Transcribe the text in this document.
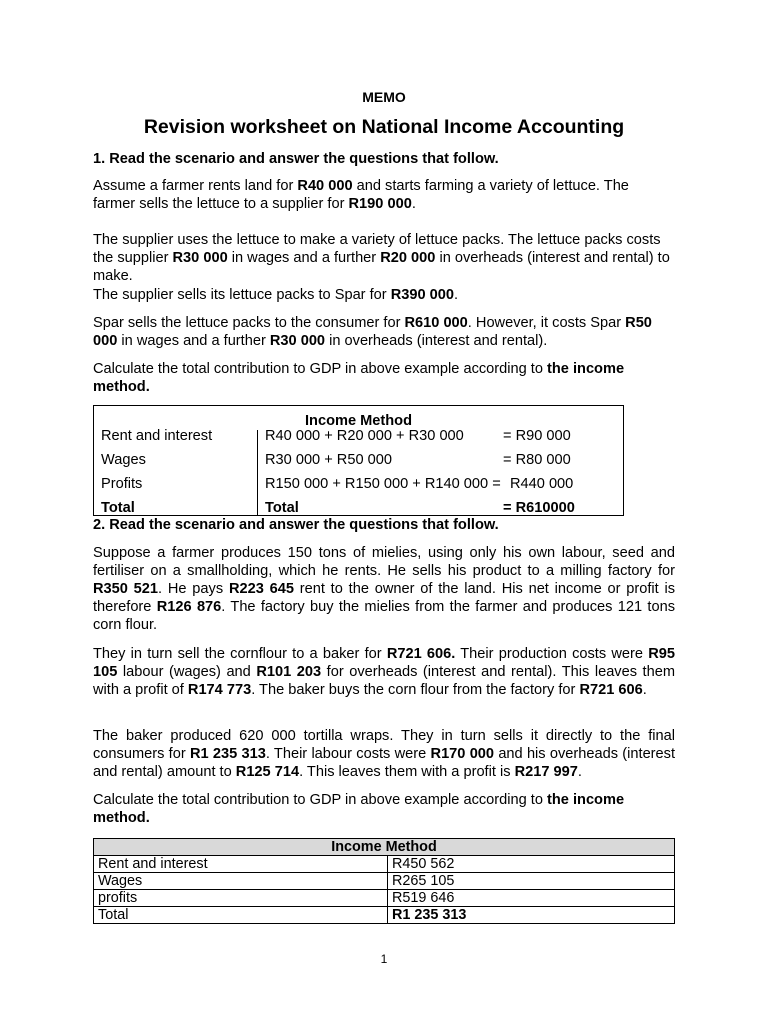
MEMO
Revision worksheet on National Income Accounting

1. Read the scenario and answer the questions that follow.

Assume a farmer rents land for R40 000 and starts farming a variety of lettuce. The farmer sells the lettuce to a supplier for R190 000.

The supplier uses the lettuce to make a variety of lettuce packs. The lettuce packs costs the supplier R30 000 in wages and a further R20 000 in overheads (interest and rental) to make.

The supplier sells its lettuce packs to Spar for R390 000.

Spar sells the lettuce packs to the consumer for R610 000. However, it costs Spar R50 000 in wages and a further R30 000 in overheads (interest and rental).

Calculate the total contribution to GDP in above example according to the income method.

Income Method
Rent and interest	R40 000 + R20 000 + R30 000	= R90 000
Wages	R30 000 + R50 000	= R80 000
Profits	R150 000 + R150 000 + R140 000 = R440 000
Total	Total	= R610000

2. Read the scenario and answer the questions that follow.

Suppose a farmer produces 150 tons of mielies, using only his own labour, seed and fertiliser on a smallholding, which he rents. He sells his product to a milling factory for R350 521. He pays R223 645 rent to the owner of the land. His net income or profit is therefore R126 876. The factory buy the mielies from the farmer and produces 121 tons corn flour.

They in turn sell the cornflour to a baker for R721 606. Their production costs were R95 105 labour (wages) and R101 203 for overheads (interest and rental). This leaves them with a profit of R174 773. The baker buys the corn flour from the factory for R721 606.

The baker produced 620 000 tortilla wraps. They in turn sells it directly to the final consumers for R1 235 313. Their labour costs were R170 000 and his overheads (interest and rental) amount to R125 714. This leaves them with a profit is R217 997.

Calculate the total contribution to GDP in above example according to the income method.

Income Method	
Rent and interest	R450 562
Wages	R265 105
profits	R519 646
Total	R1 235 313
1
